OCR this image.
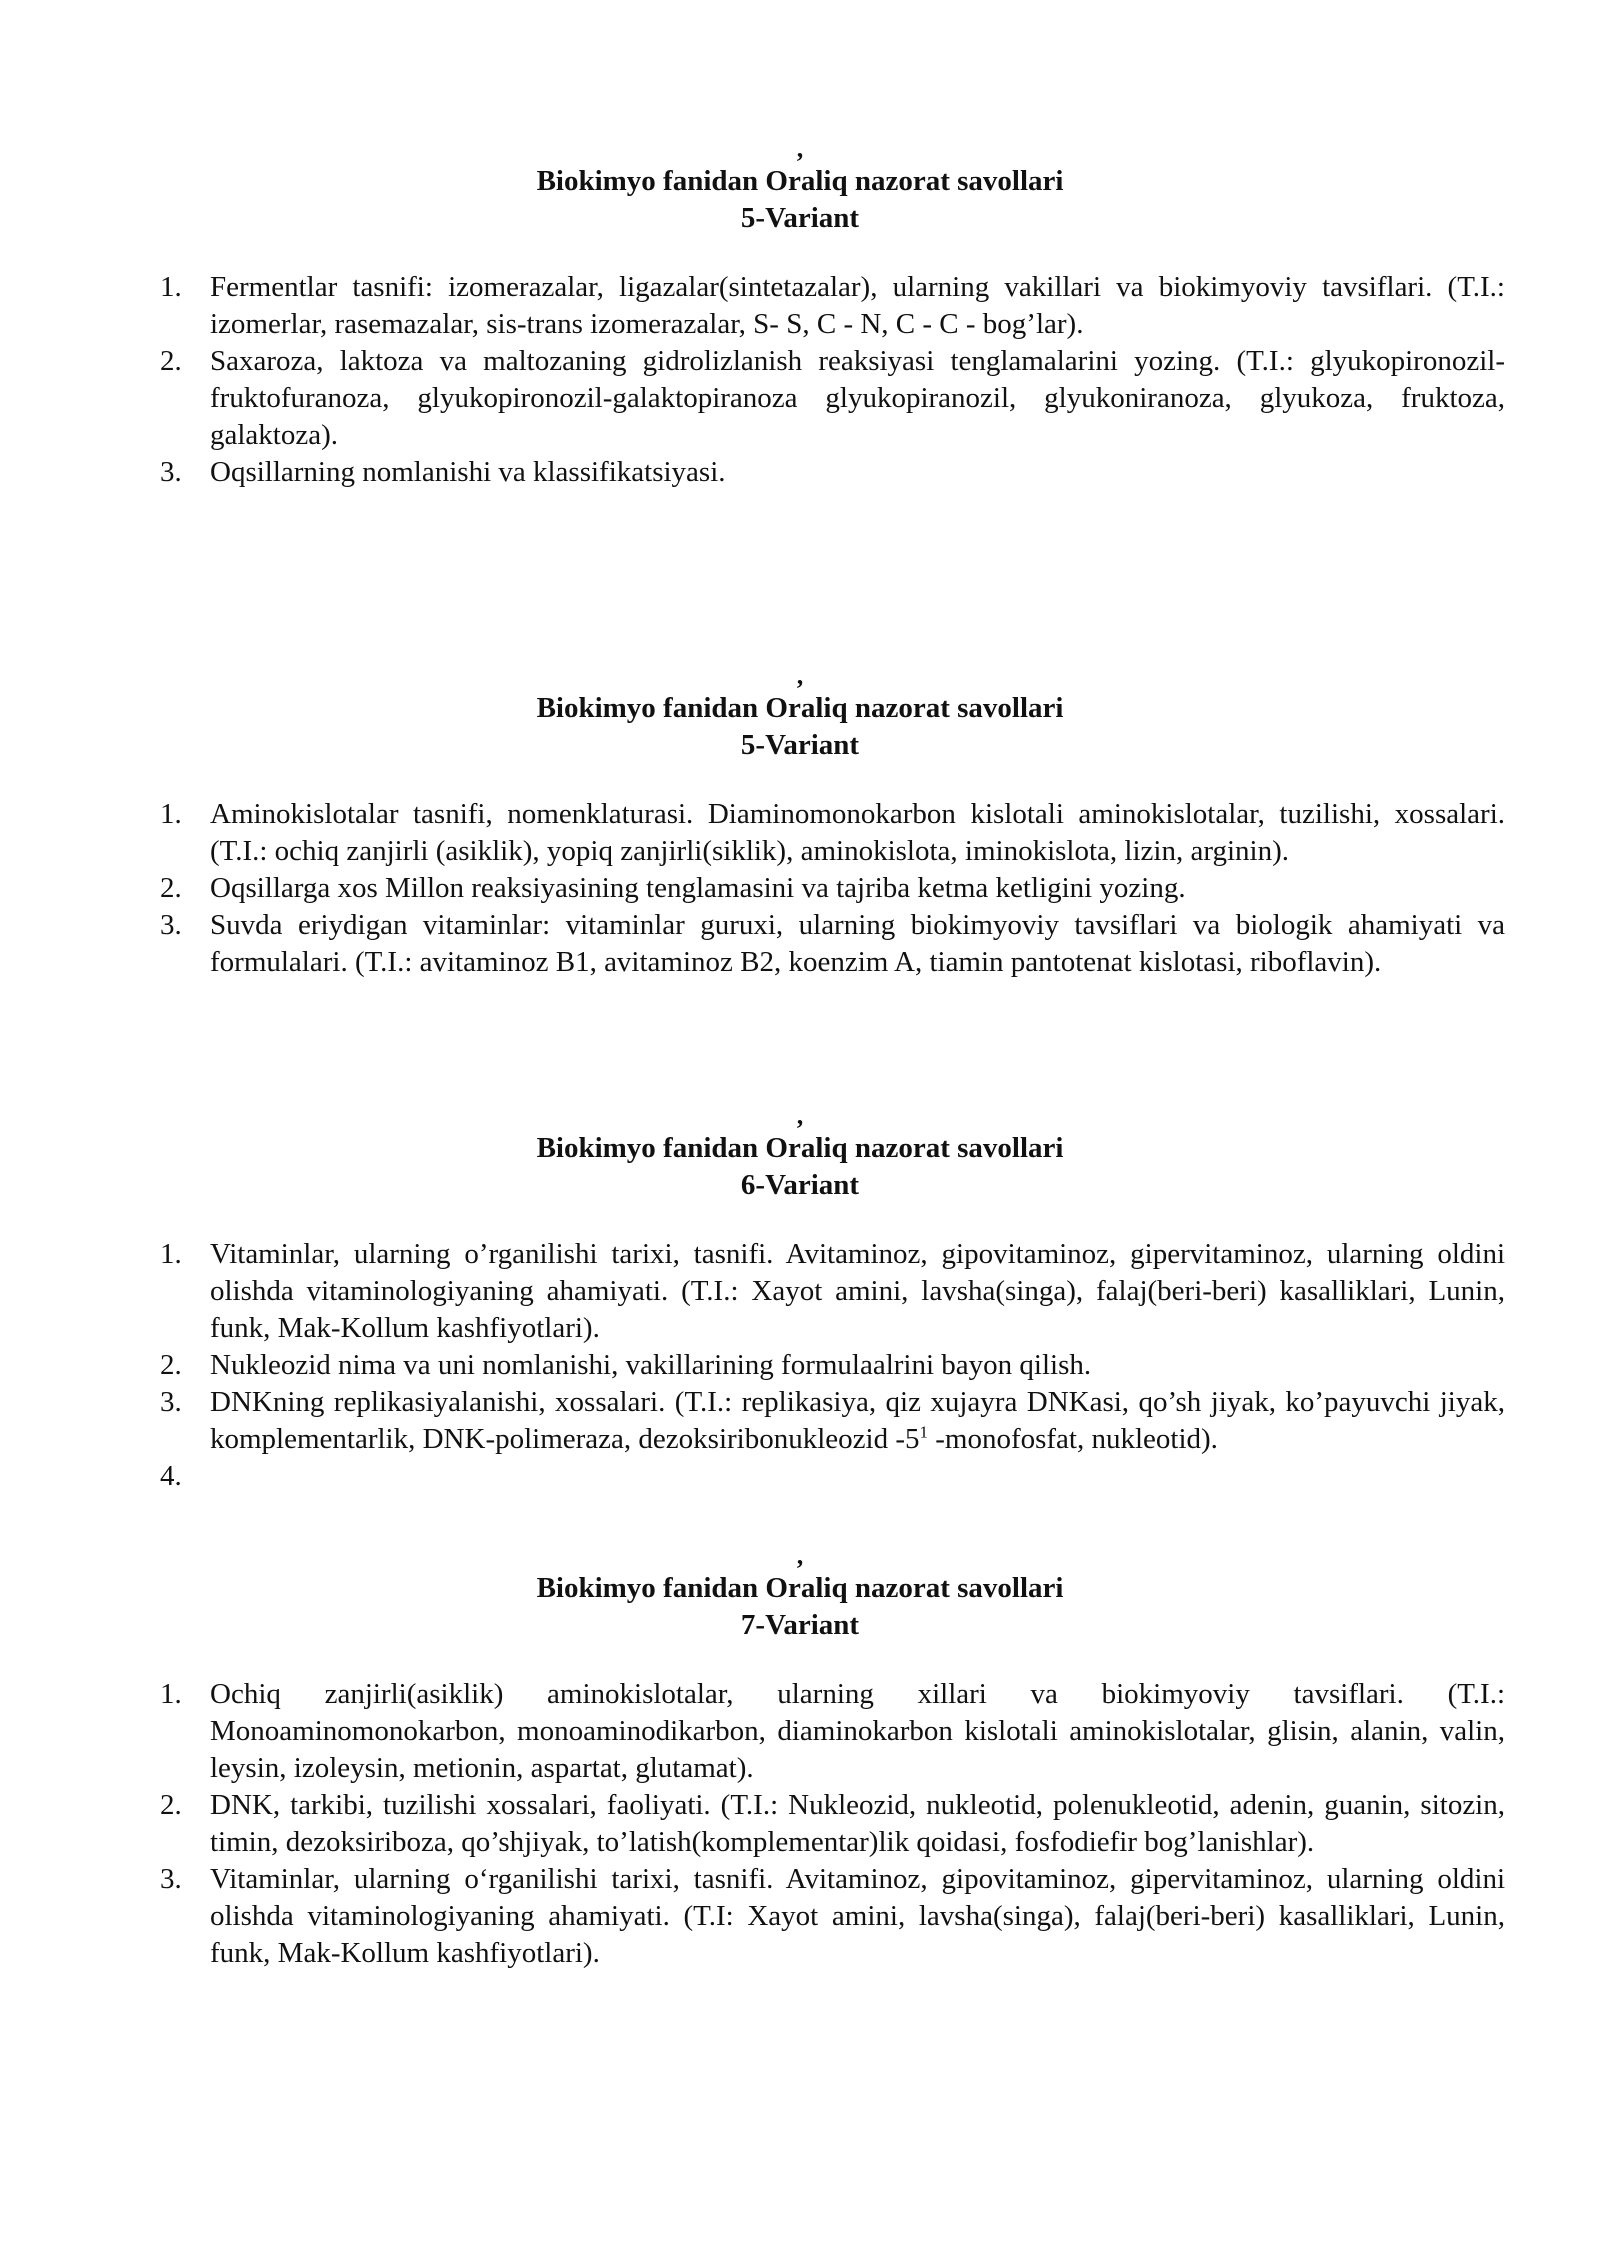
,
Biokimyo fanidan Oraliq nazorat savollari
5-Variant
1. Fermentlar tasnifi: izomerazalar, ligazalar(sintetazalar), ularning vakillari va biokimyoviy tavsiflari. (T.I.: izomerlar, rasemazalar, sis-trans izomerazalar, S- S, C - N, C - C - bog’lar).
2. Saxaroza, laktoza va maltozaning gidrolizlanish reaksiyasi tenglamalarini yozing. (T.I.: glyukopironozil-fruktofuranoza, glyukopironozil-galaktopiranoza glyukopiranozil, glyukoniranoza, glyukoza, fruktoza, galaktoza).
3. Oqsillarning nomlanishi va klassifikatsiyasi.
,
Biokimyo fanidan Oraliq nazorat savollari
5-Variant
1. Aminokislotalar tasnifi, nomenklaturasi. Diaminomonokarbon kislotali aminokislotalar, tuzilishi, xossalari. (T.I.: ochiq zanjirli (asiklik), yopiq zanjirli(siklik), aminokislota, iminokislota, lizin, arginin).
2. Oqsillarga xos Millon reaksiyasining tenglamasini va tajriba ketma ketligini yozing.
3. Suvda eriydigan vitaminlar: vitaminlar guruxi, ularning biokimyoviy tavsiflari va biologik ahamiyati va formulalari. (T.I.: avitaminoz B1, avitaminoz B2, koenzim A, tiamin pantotenat kislotasi, riboflavin).
,
Biokimyo fanidan Oraliq nazorat savollari
6-Variant
1. Vitaminlar, ularning o’rganilishi tarixi, tasnifi. Avitaminoz, gipovitaminoz, gipervitaminoz, ularning oldini olishda vitaminologiyaning ahamiyati. (T.I.: Xayot amini, lavsha(singa), falaj(beri-beri) kasalliklari, Lunin, funk, Mak-Kollum kashfiyotlari).
2. Nukleozid nima va uni nomlanishi, vakillarining formulaalrini bayon qilish.
3. DNKning replikasiyalanishi, xossalari. (T.I.: replikasiya, qiz xujayra DNKasi, qo’sh jiyak, ko’payuvchi jiyak, komplementarlik, DNK-polimeraza, dezoksiribonukleozid $-5^1$ -monofosfat, nukleotid).
4.

,
Biokimyo fanidan Oraliq nazorat savollari
7-Variant
1. Ochiq zanjirli(asiklik) aminokislotalar, ularning xillari va biokimyoviy tavsiflari. (T.I.: Monoaminomonokarbon, monoaminodikarbon, diaminokarbon kislotali aminokislotalar, glisin, alanin, valin, leysin, izoleysin, metionin, aspartat, glutamat).
2. DNK, tarkibi, tuzilishi xossalari, faoliyati. (T.I.: Nukleozid, nukleotid, polenukleotid, adenin, guanin, sitozin, timin, dezoksiriboza, qo’shjiyak, to’latish(komplementar)lik qoidasi, fosfodiefir bog’lanishlar).
3. Vitaminlar, ularning o‘rganilishi tarixi, tasnifi. Avitaminoz, gipovitaminoz, gipervitaminoz, ularning oldini olishda vitaminologiyaning ahamiyati. (T.I: Xayot amini, lavsha(singa), falaj(beri-beri) kasalliklari, Lunin, funk, Mak-Kollum kashfiyotlari).
